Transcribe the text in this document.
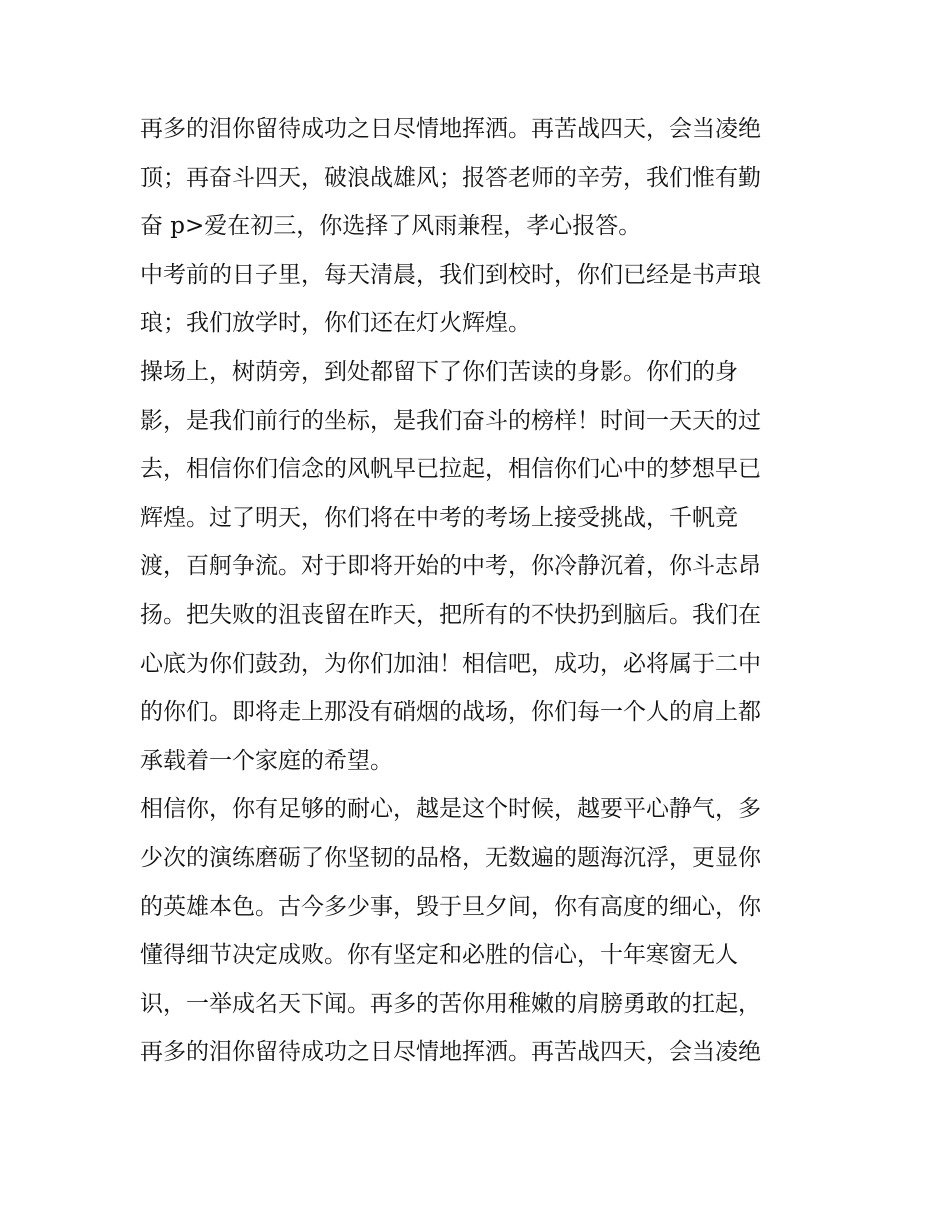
再多的泪你留待成功之日尽情地挥洒。再苦战四天，会当凌绝
顶；再奋斗四天，破浪战雄风；报答老师的辛劳，我们惟有勤
奋 p>爱在初三，你选择了风雨兼程，孝心报答。
中考前的日子里，每天清晨，我们到校时，你们已经是书声琅
琅；我们放学时，你们还在灯火辉煌。
操场上，树荫旁，到处都留下了你们苦读的身影。你们的身
影，是我们前行的坐标，是我们奋斗的榜样！时间一天天的过
去，相信你们信念的风帆早已拉起，相信你们心中的梦想早已
辉煌。过了明天，你们将在中考的考场上接受挑战，千帆竞
渡，百舸争流。对于即将开始的中考，你冷静沉着，你斗志昂
扬。把失败的沮丧留在昨天，把所有的不快扔到脑后。我们在
心底为你们鼓劲，为你们加油！相信吧，成功，必将属于二中
的你们。即将走上那没有硝烟的战场，你们每一个人的肩上都
承载着一个家庭的希望。
相信你，你有足够的耐心，越是这个时候，越要平心静气，多
少次的演练磨砺了你坚韧的品格，无数遍的题海沉浮，更显你
的英雄本色。古今多少事，毁于旦夕间，你有高度的细心，你
懂得细节决定成败。你有坚定和必胜的信心，十年寒窗无人
识，一举成名天下闻。再多的苦你用稚嫩的肩膀勇敢的扛起，
再多的泪你留待成功之日尽情地挥洒。再苦战四天，会当凌绝
